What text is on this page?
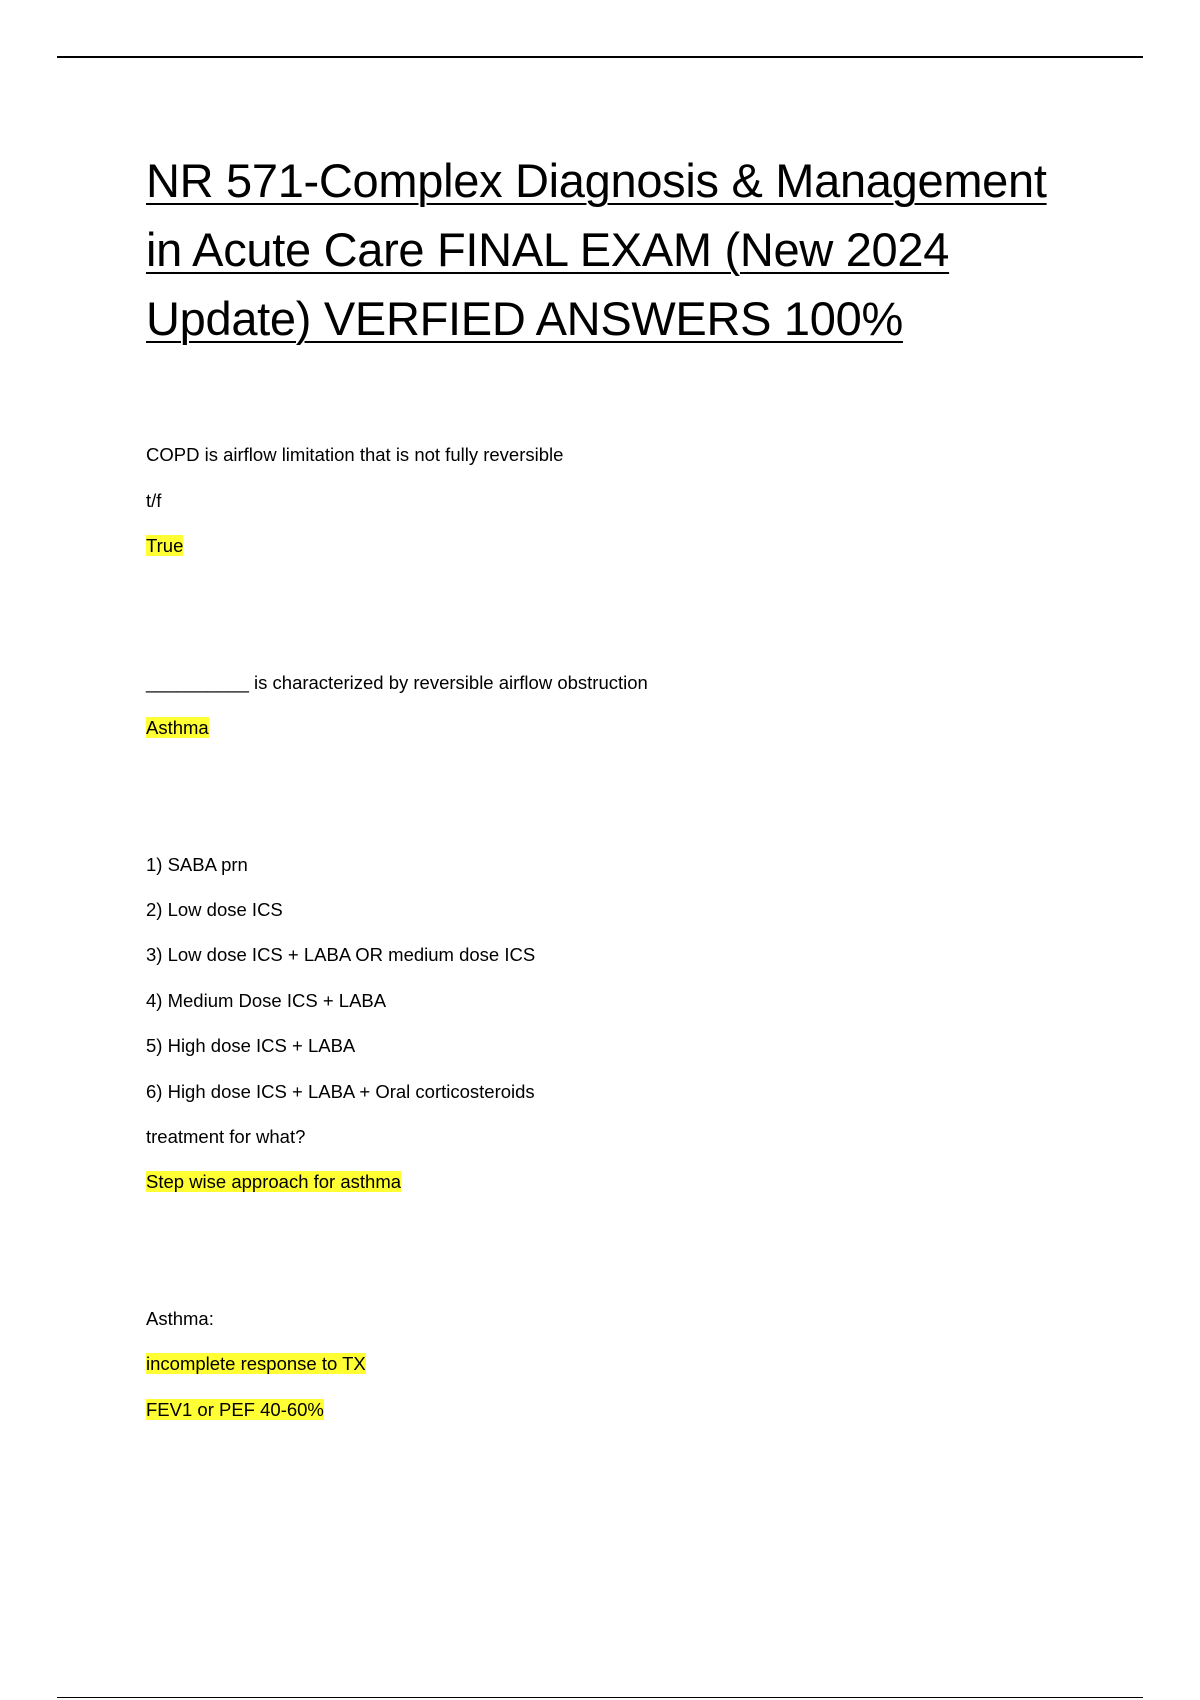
NR 571-Complex Diagnosis & Management
in Acute Care FINAL EXAM (New 2024
Update) VERFIED ANSWERS 100%

COPD is airflow limitation that is not fully reversible

t/f

True

__________ is characterized by reversible airflow obstruction

Asthma

1) SABA prn

2) Low dose ICS

3) Low dose ICS + LABA OR medium dose ICS

4) Medium Dose ICS + LABA

5) High dose ICS + LABA

6) High dose ICS + LABA + Oral corticosteroids

treatment for what?

Step wise approach for asthma

Asthma:

incomplete response to TX

FEV1 or PEF 40-60%
